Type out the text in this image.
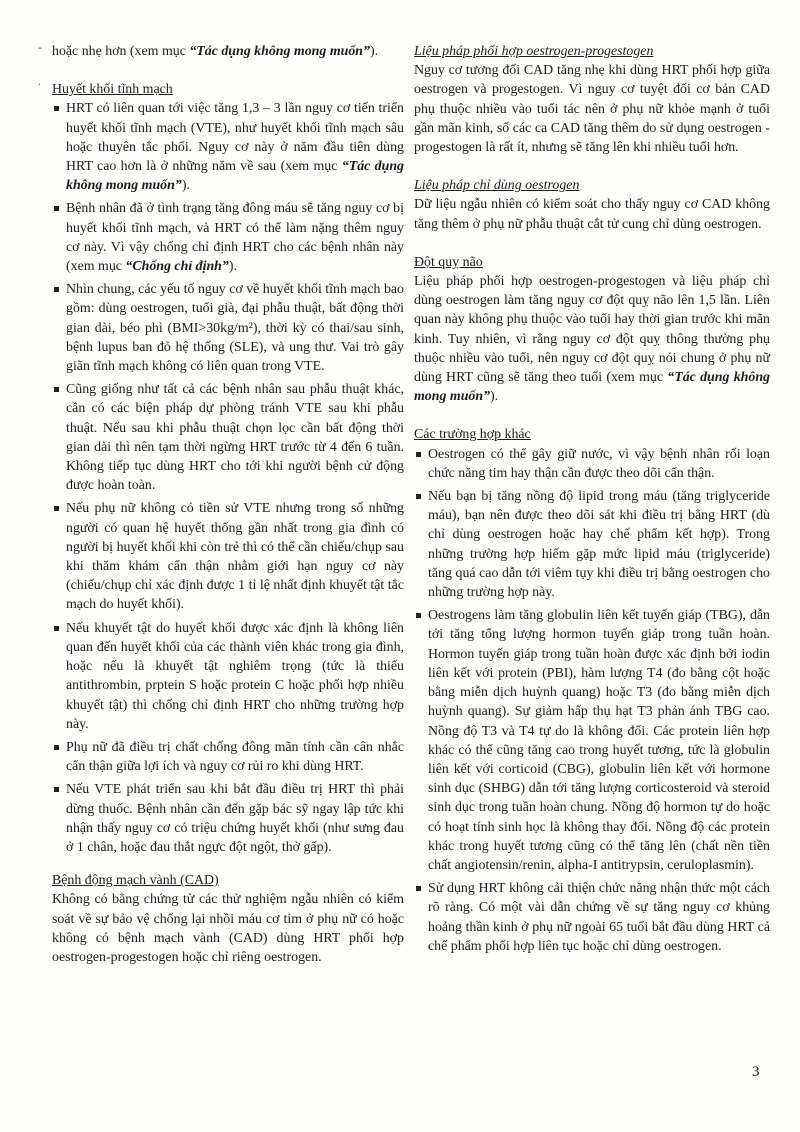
-
.

hoặc nhẹ hơn (xem mục “Tác dụng không mong muốn”).

Huyết khối tĩnh mạch

HRT có liên quan tới việc tăng 1,3 – 3 lần nguy cơ tiến triển huyết khối tĩnh mạch (VTE), như huyết khối tĩnh mạch sâu hoặc thuyên tắc phổi. Nguy cơ này ở năm đầu tiên dùng HRT cao hơn là ở những năm về sau (xem mục “Tác dụng không mong muốn”).
Bệnh nhân đã ở tình trạng tăng đông máu sẽ tăng nguy cơ bị huyết khối tĩnh mạch, và HRT có thể làm nặng thêm nguy cơ này. Vì vậy chống chỉ định HRT cho các bệnh nhân này (xem mục “Chống chỉ định”).
Nhìn chung, các yếu tố nguy cơ về huyết khối tĩnh mạch bao gồm: dùng oestrogen, tuổi già, đại phẫu thuật, bất động thời gian dài, béo phì (BMI>30kg/m²), thời kỳ có thai/sau sinh, bệnh lupus ban đỏ hệ thống (SLE), và ung thư. Vai trò gây giãn tĩnh mạch không có liên quan trong VTE.
Cũng giống như tất cả các bệnh nhân sau phẫu thuật khác, cần có các biện pháp dự phòng tránh VTE sau khi phẫu thuật. Nếu sau khi phẫu thuật chọn lọc cần bất động thời gian dài thì nên tạm thời ngừng HRT trước từ 4 đến 6 tuần. Không tiếp tục dùng HRT cho tới khi người bệnh cử động được hoàn toàn.
Nếu phụ nữ không có tiền sử VTE nhưng trong số những người có quan hệ huyết thống gần nhất trong gia đình có người bị huyết khối khi còn trẻ thì có thể cần chiếu/chụp sau khi thăm khám cẩn thận nhằm giới hạn nguy cơ này (chiếu/chụp chỉ xác định được 1 tỉ lệ nhất định khuyết tật tắc mạch do huyết khối).
Nếu khuyết tật do huyết khối được xác định là không liên quan đến huyết khối của các thành viên khác trong gia đình, hoặc nếu là khuyết tật nghiêm trọng (tức là thiếu antithrombin, prptein S hoặc protein C hoặc phối hợp nhiều khuyết tật) thì chống chỉ định HRT cho những trường hợp này.
Phụ nữ đã điều trị chất chống đông mãn tính cần cân nhắc cẩn thận giữa lợi ích và nguy cơ rủi ro khi dùng HRT.
Nếu VTE phát triển sau khi bắt đầu điều trị HRT thì phải dừng thuốc. Bệnh nhân cần đến gặp bác sỹ ngay lập tức khi nhận thấy nguy cơ có triệu chứng huyết khối (như sưng đau ở 1 chân, hoặc đau thắt ngực đột ngột, thở gấp).

Bệnh động mạch vành (CAD)

Không có bằng chứng từ các thử nghiệm ngẫu nhiên có kiểm soát về sự bảo vệ chống lại nhồi máu cơ tim ở phụ nữ có hoặc không có bệnh mạch vành (CAD) dùng HRT phối hợp oestrogen-progestogen hoặc chỉ riêng oestrogen.

Liệu pháp phối hợp oestrogen-progestogen

Nguy cơ tương đối CAD tăng nhẹ khi dùng HRT phối hợp giữa oestrogen và progestogen. Vì nguy cơ tuyệt đối cơ bản CAD phụ thuộc nhiều vào tuổi tác nên ở phụ nữ khỏe mạnh ở tuổi gần mãn kinh, số các ca CAD tăng thêm do sử dụng oestrogen - progestogen là rất ít, nhưng sẽ tăng lên khi nhiều tuổi hơn.

Liệu pháp chỉ dùng oestrogen

Dữ liệu ngẫu nhiên có kiểm soát cho thấy nguy cơ CAD không tăng thêm ở phụ nữ phẫu thuật cắt tử cung chỉ dùng oestrogen.

Đột quỵ não

Liệu pháp phối hợp oestrogen-progestogen và liệu pháp chỉ dùng oestrogen làm tăng nguy cơ đột quỵ não lên 1,5 lần. Liên quan này không phụ thuộc vào tuổi hay thời gian trước khi mãn kinh. Tuy nhiên, vì rằng nguy cơ đột quỵ thông thường phụ thuộc nhiều vào tuổi, nên nguy cơ đột quỵ nói chung ở phụ nữ dùng HRT cũng sẽ tăng theo tuổi (xem mục “Tác dụng không mong muốn”).

Các trường hợp khác

Oestrogen có thể gây giữ nước, vì vậy bệnh nhân rối loạn chức năng tim hay thận cần được theo dõi cẩn thận.
Nếu bạn bị tăng nồng độ lipid trong máu (tăng triglyceride máu), bạn nên được theo dõi sát khi điều trị bằng HRT (dù chỉ dùng oestrogen hoặc hay chế phẩm kết hợp). Trong những trường hợp hiếm gặp mức lipid máu (triglyceride) tăng quá cao dẫn tới viêm tụy khi điều trị bằng oestrogen cho những trường hợp này.
Oestrogens làm tăng globulin liên kết tuyến giáp (TBG), dẫn tới tăng tổng lượng hormon tuyến giáp trong tuần hoàn. Hormon tuyến giáp trong tuần hoàn được xác định bởi iodin liên kết với protein (PBI), hàm lượng T4 (đo bằng cột hoặc bằng miễn dịch huỳnh quang) hoặc T3 (đo bằng miễn dịch huỳnh quang). Sự giảm hấp thụ hạt T3 phản ánh TBG cao. Nồng độ T3 và T4 tự do là không đổi. Các protein liên hợp khác có thể cũng tăng cao trong huyết tương, tức là globulin liên kết với corticoid (CBG), globulin liên kết với hormone sinh dục (SHBG) dẫn tới tăng lượng corticosteroid và steroid sinh dục trong tuần hoàn chung. Nồng độ hormon tự do hoặc có hoạt tính sinh học là không thay đổi. Nồng độ các protein khác trong huyết tương cũng có thể tăng lên (chất nền tiền chất angiotensin/renin, alpha-I antitrypsin, ceruloplasmin).
Sử dụng HRT không cải thiện chức năng nhận thức một cách rõ ràng. Có một vài dẫn chứng về sự tăng nguy cơ khủng hoảng thần kinh ở phụ nữ ngoài 65 tuổi bắt đầu dùng HRT cả chế phẩm phối hợp liên tục hoặc chỉ dùng oestrogen.
3
